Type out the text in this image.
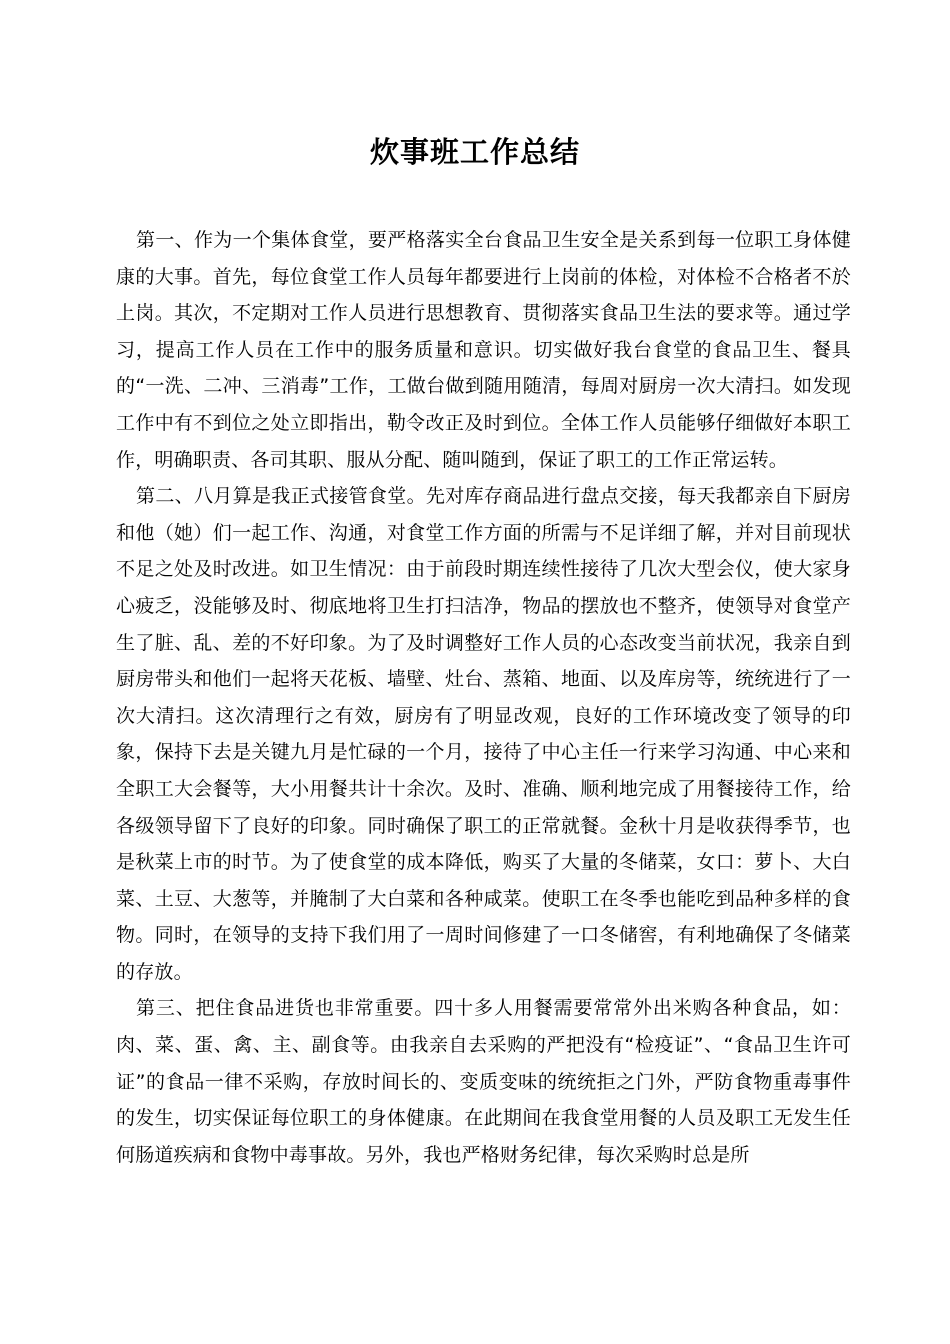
炊事班工作总结

第一、作为一个集体食堂，要严格落实全台食品卫生安全是关系到每一位职工身体健康的大事。首先，每位食堂工作人员每年都要进行上岗前的体检，对体检不合格者不於上岗。其次，不定期对工作人员进行思想教育、贯彻落实食品卫生法的要求等。通过学习，提高工作人员在工作中的服务质量和意识。切实做好我台食堂的食品卫生、餐具的“一洗、二冲、三消毒”工作，工做台做到随用随清，每周对厨房一次大清扫。如发现工作中有不到位之处立即指出，勒令改正及时到位。全体工作人员能够仔细做好本职工作，明确职责、各司其职、服从分配、随叫随到，保证了职工的工作正常运转。

第二、八月算是我正式接管食堂。先对库存商品进行盘点交接，每天我都亲自下厨房和他（她）们一起工作、沟通，对食堂工作方面的所需与不足详细了解，并对目前现状不足之处及时改进。如卫生情况：由于前段时期连续性接待了几次大型会仪，使大家身心疲乏，没能够及时、彻底地将卫生打扫洁净，物品的摆放也不整齐，使领导对食堂产生了脏、乱、差的不好印象。为了及时调整好工作人员的心态改变当前状况，我亲自到厨房带头和他们一起将天花板、墙壁、灶台、蒸箱、地面、以及库房等，统统进行了一次大清扫。这次清理行之有效，厨房有了明显改观，良好的工作环境改变了领导的印象，保持下去是关键九月是忙碌的一个月，接待了中心主任一行来学习沟通、中心来和全职工大会餐等，大小用餐共计十余次。及时、准确、顺利地完成了用餐接待工作，给各级领导留下了良好的印象。同时确保了职工的正常就餐。金秋十月是收获得季节，也是秋菜上市的时节。为了使食堂的成本降低，购买了大量的冬储菜，女口：萝卜、大白菜、土豆、大葱等，并腌制了大白菜和各种咸菜。使职工在冬季也能吃到品种多样的食物。同时，在领导的支持下我们用了一周时间修建了一口冬储窖，有利地确保了冬储菜的存放。

第三、把住食品进货也非常重要。四十多人用餐需要常常外出米购各种食品，如：肉、菜、蛋、禽、主、副食等。由我亲自去采购的严把没有“检疫证”、“食品卫生许可证”的食品一律不采购，存放时间长的、变质变味的统统拒之门外，严防食物重毒事件的发生，切实保证每位职工的身体健康。在此期间在我食堂用餐的人员及职工无发生任何肠道疾病和食物中毒事故。另外，我也严格财务纪律，每次采购时总是所
